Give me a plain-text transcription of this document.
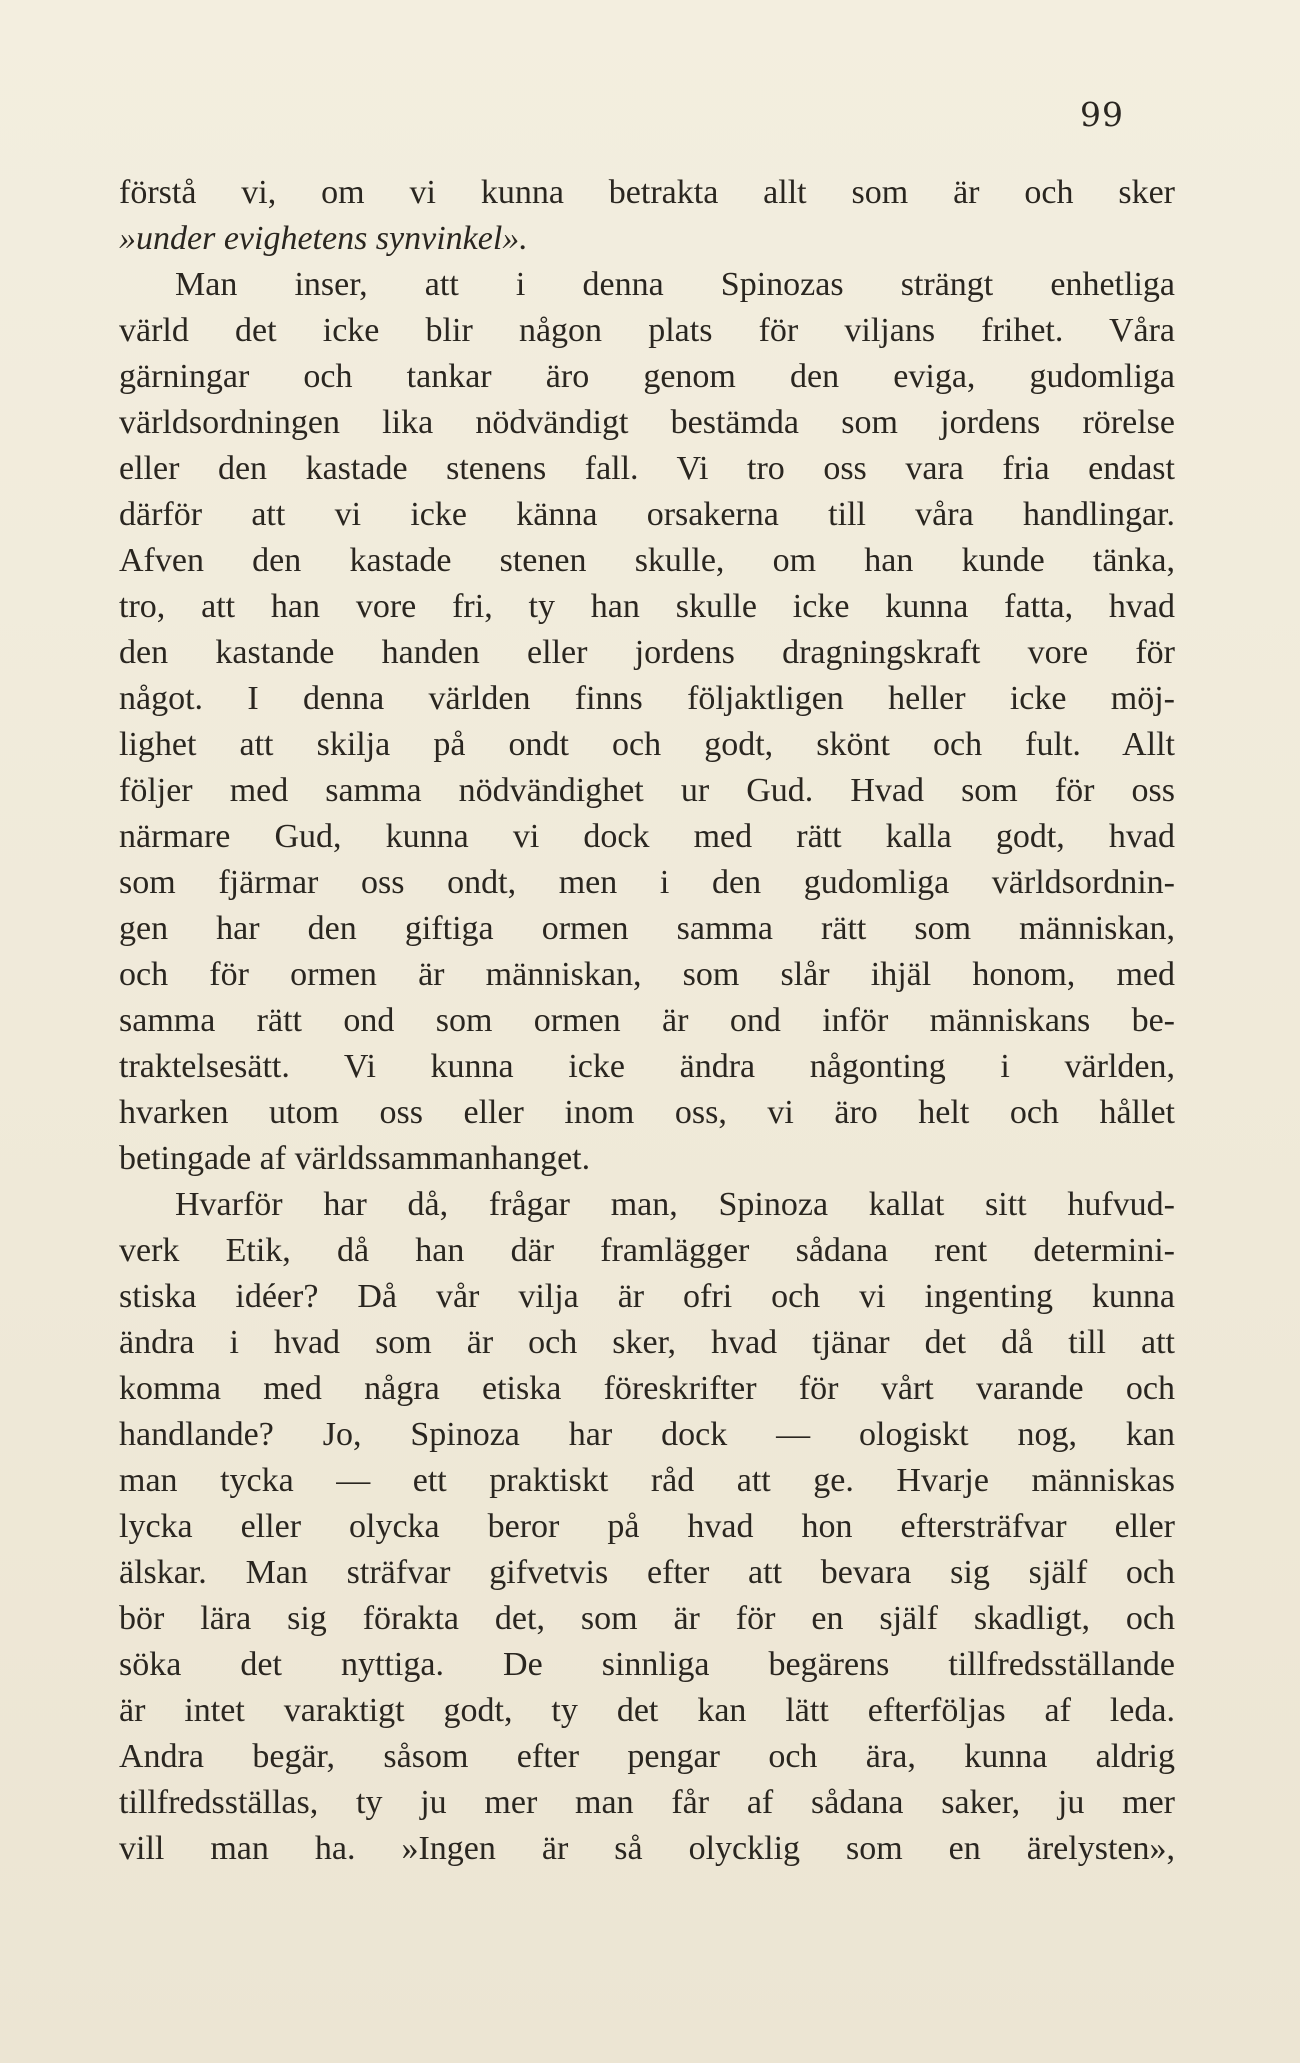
99
förstå vi, om vi kunna betrakta allt som är och sker
»under evighetens synvinkel».
Man inser, att i denna Spinozas strängt enhetliga
värld det icke blir någon plats för viljans frihet. Våra
gärningar och tankar äro genom den eviga, gudomliga
världsordningen lika nödvändigt bestämda som jordens rörelse
eller den kastade stenens fall. Vi tro oss vara fria endast
därför att vi icke känna orsakerna till våra handlingar.
Afven den kastade stenen skulle, om han kunde tänka,
tro, att han vore fri, ty han skulle icke kunna fatta, hvad
den kastande handen eller jordens dragningskraft vore för
något. I denna världen finns följaktligen heller icke möj-
lighet att skilja på ondt och godt, skönt och fult. Allt
följer med samma nödvändighet ur Gud. Hvad som för oss
närmare Gud, kunna vi dock med rätt kalla godt, hvad
som fjärmar oss ondt, men i den gudomliga världsordnin-
gen har den giftiga ormen samma rätt som människan,
och för ormen är människan, som slår ihjäl honom, med
samma rätt ond som ormen är ond inför människans be-
traktelsesätt. Vi kunna icke ändra någonting i världen,
hvarken utom oss eller inom oss, vi äro helt och hållet
betingade af världssammanhanget.
Hvarför har då, frågar man, Spinoza kallat sitt hufvud-
verk Etik, då han där framlägger sådana rent determini-
stiska idéer? Då vår vilja är ofri och vi ingenting kunna
ändra i hvad som är och sker, hvad tjänar det då till att
komma med några etiska föreskrifter för vårt varande och
handlande? Jo, Spinoza har dock — ologiskt nog, kan
man tycka — ett praktiskt råd att ge. Hvarje människas
lycka eller olycka beror på hvad hon eftersträfvar eller
älskar. Man sträfvar gifvetvis efter att bevara sig själf och
bör lära sig förakta det, som är för en själf skadligt, och
söka det nyttiga. De sinnliga begärens tillfredsställande
är intet varaktigt godt, ty det kan lätt efterföljas af leda.
Andra begär, såsom efter pengar och ära, kunna aldrig
tillfredsställas, ty ju mer man får af sådana saker, ju mer
vill man ha. »Ingen är så olycklig som en ärelysten»,
